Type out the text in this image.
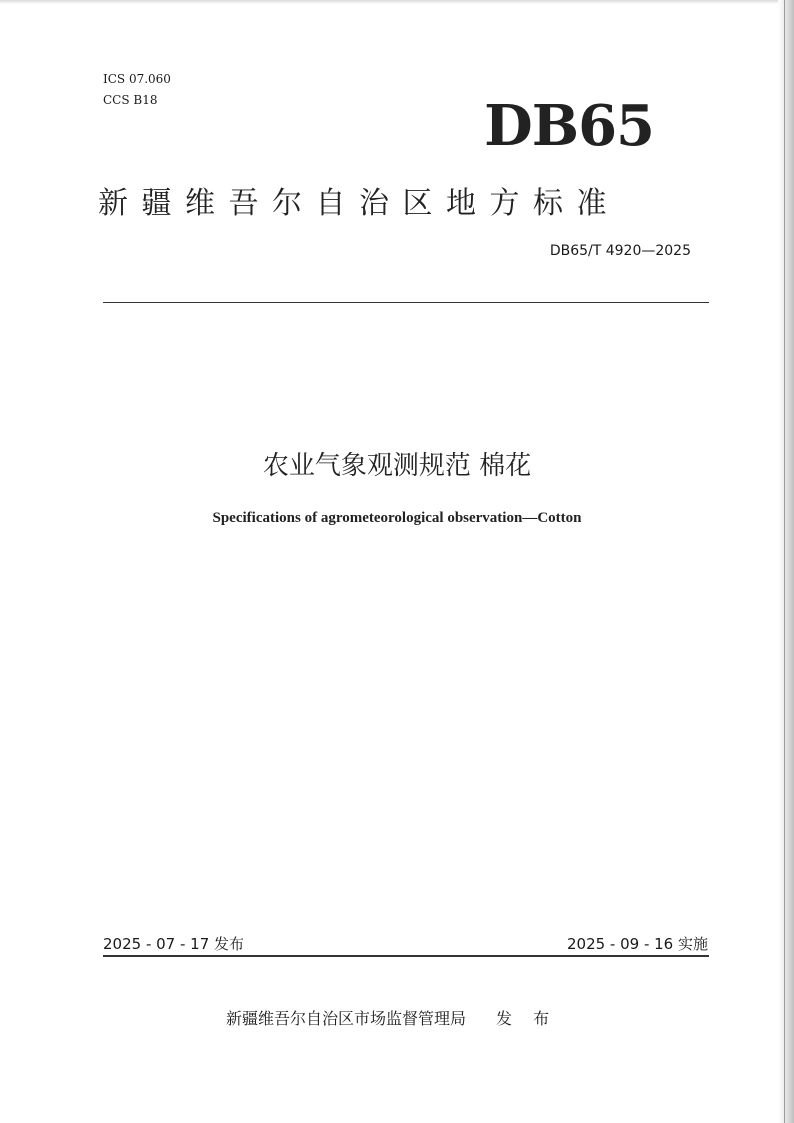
ICS 07.060
CCS B18	DB65
新疆维吾尔自治区地方标准
DB65/T 4920—2025
农业气象观测规范 棉花
Specifications of agrometeorological observation—Cotton
2025 - 07 - 17 发布	2025 - 09 - 16 实施
新疆维吾尔自治区市场监督管理局 发 布
